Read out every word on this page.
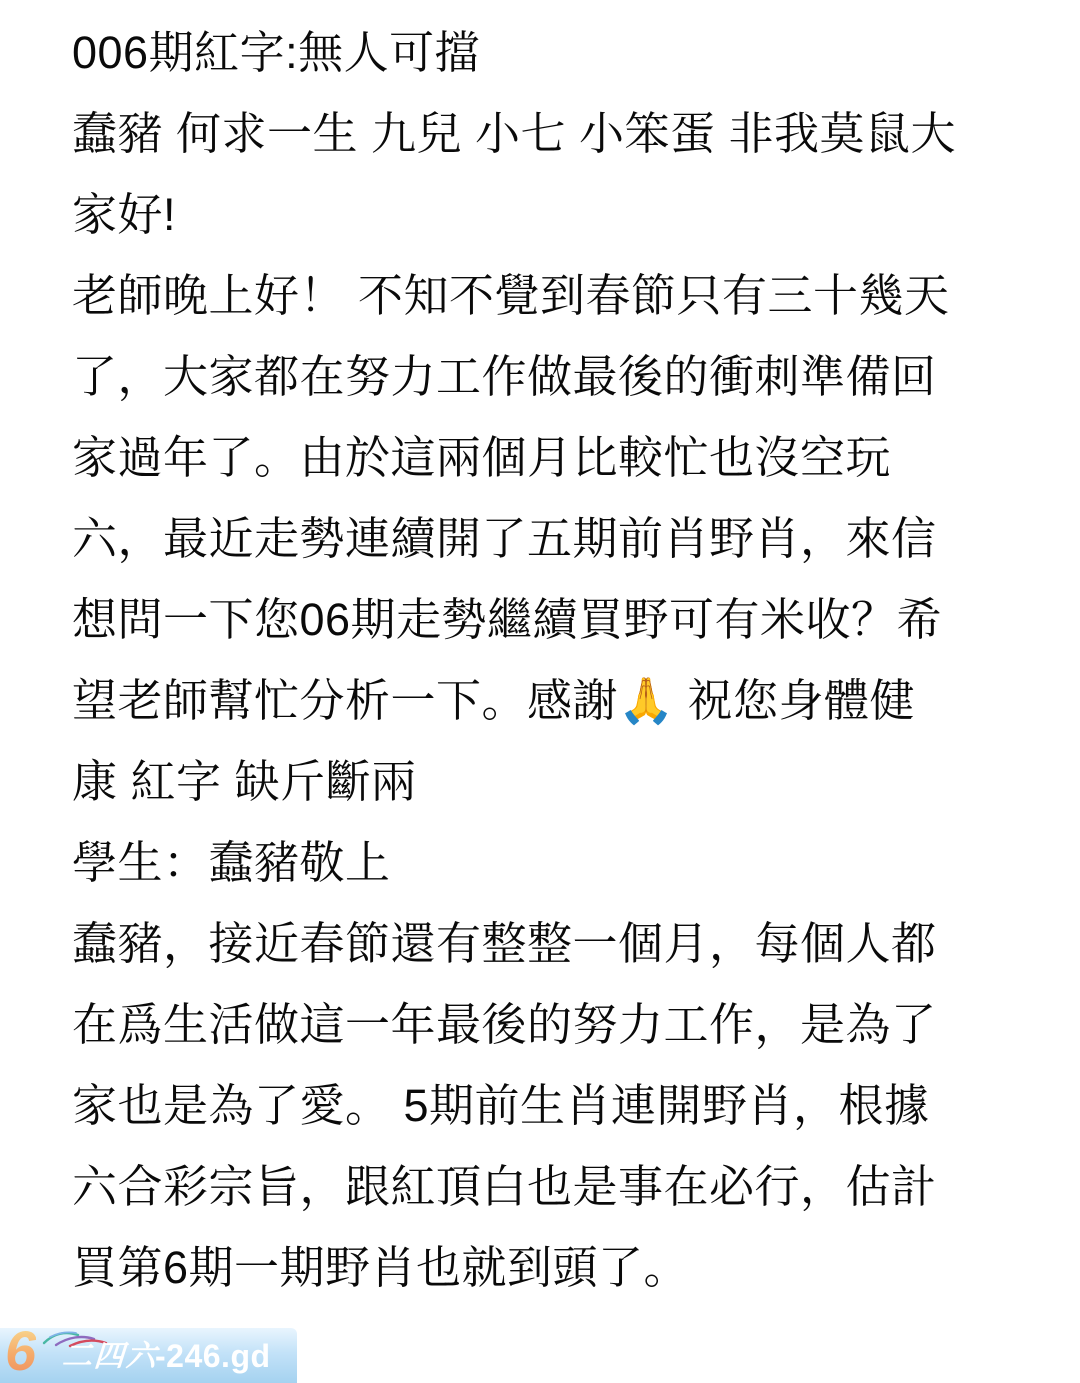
006期紅字:無人可擋
蠢豬 何求一生 九兒 小七 小笨蛋 非我莫鼠大
家好!
老師晚上好！ 不知不覺到春節只有三十幾天
了，大家都在努力工作做最後的衝刺準備回
家過年了。由於這兩個月比較忙也沒空玩
六，最近走勢連續開了五期前肖野肖，來信
想問一下您06期走勢繼續買野可有米收？希
望老師幫忙分析一下。感謝🙏 祝您身體健
康 紅字 缺斤斷兩
學生：蠢豬敬上
蠢豬，接近春節還有整整一個月，每個人都
在爲生活做這一年最後的努力工作，是為了
家也是為了愛。 5期前生肖連開野肖，根據
六合彩宗旨，跟紅頂白也是事在必行，估計
買第6期一期野肖也就到頭了。
6 二四六
-246.gd
